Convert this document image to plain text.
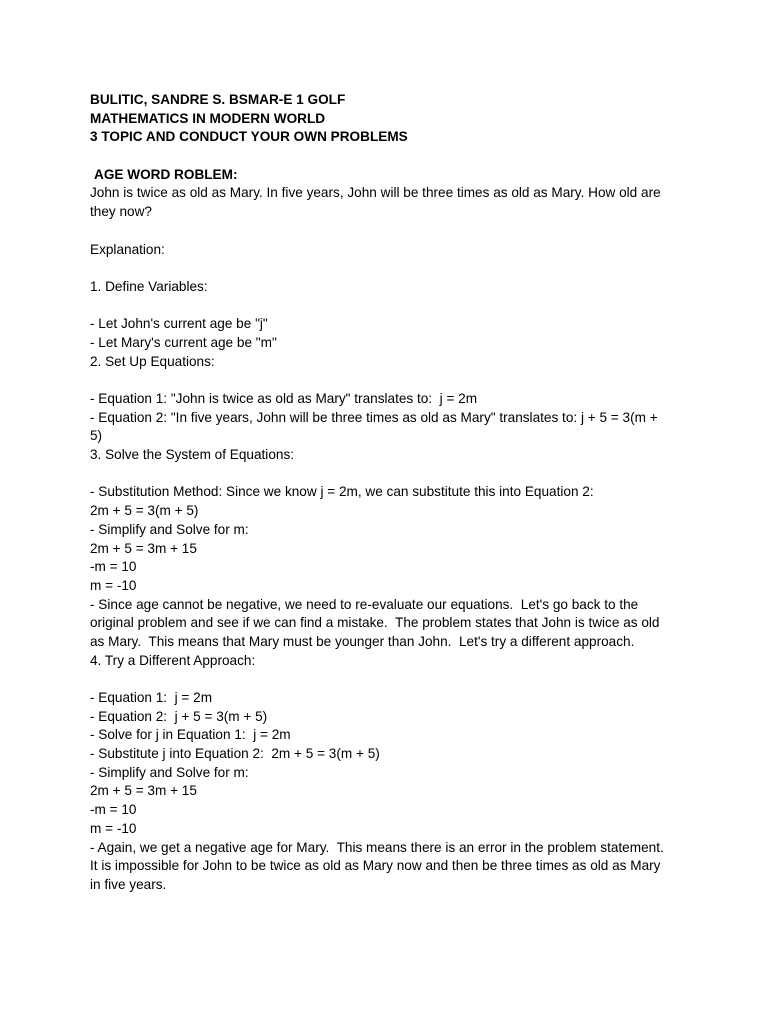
BULITIC, SANDRE S. BSMAR-E 1 GOLF
MATHEMATICS IN MODERN WORLD
3 TOPIC AND CONDUCT YOUR OWN PROBLEMS
AGE WORD ROBLEM:
John is twice as old as Mary. In five years, John will be three times as old as Mary. How old are
they now?
Explanation:
1. Define Variables:
- Let John's current age be "j"
- Let Mary's current age be "m"
2. Set Up Equations:
- Equation 1: "John is twice as old as Mary" translates to:  j = 2m
- Equation 2: "In five years, John will be three times as old as Mary" translates to: j + 5 = 3(m +
5)
3. Solve the System of Equations:
- Substitution Method: Since we know j = 2m, we can substitute this into Equation 2:
2m + 5 = 3(m + 5)
- Simplify and Solve for m:
2m + 5 = 3m + 15
-m = 10
m = -10
- Since age cannot be negative, we need to re-evaluate our equations.  Let's go back to the
original problem and see if we can find a mistake.  The problem states that John is twice as old
as Mary.  This means that Mary must be younger than John.  Let's try a different approach.
4. Try a Different Approach:
- Equation 1:  j = 2m
- Equation 2:  j + 5 = 3(m + 5)
- Solve for j in Equation 1:  j = 2m
- Substitute j into Equation 2:  2m + 5 = 3(m + 5)
- Simplify and Solve for m:
2m + 5 = 3m + 15
-m = 10
m = -10
- Again, we get a negative age for Mary.  This means there is an error in the problem statement.
It is impossible for John to be twice as old as Mary now and then be three times as old as Mary
in five years.
